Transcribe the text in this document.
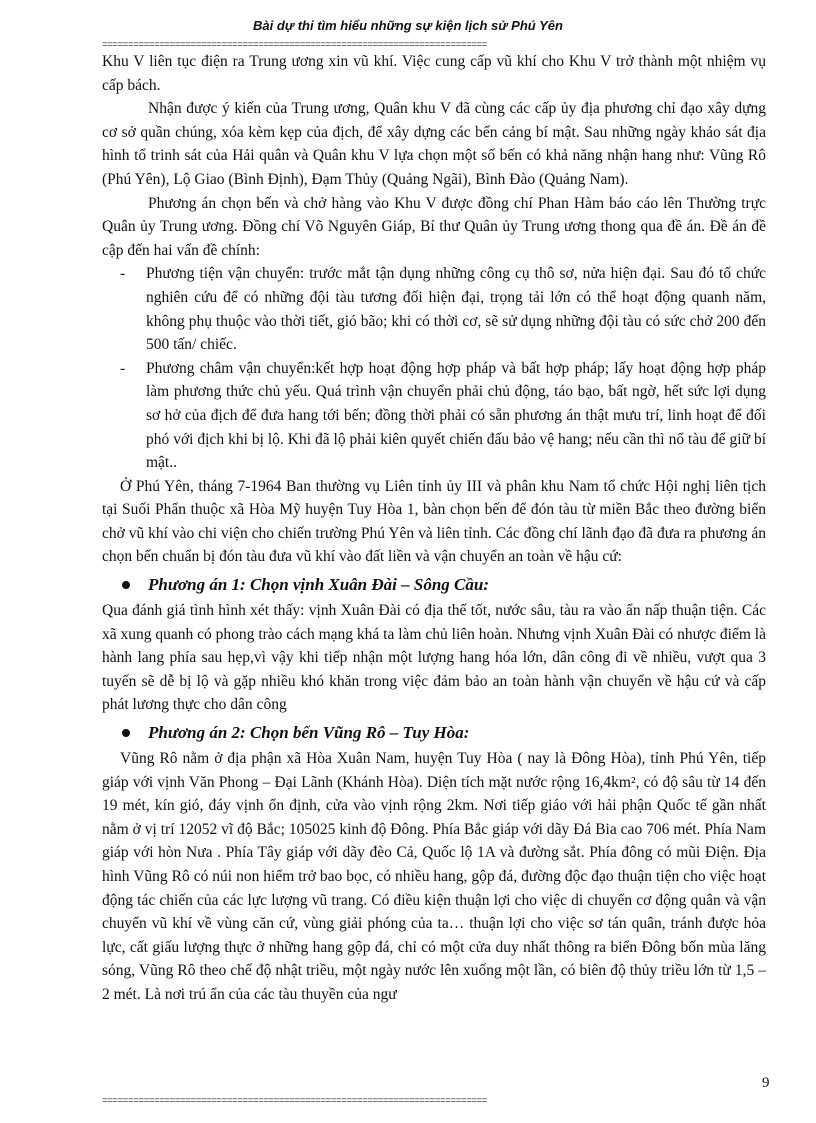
Bài dự thi tìm hiểu những sự kiện lịch sử Phú Yên
==========================================================================

Khu V liên tục điện ra Trung ương xin vũ khí. Việc cung cấp vũ khí cho Khu V trở thành một nhiệm vụ cấp bách.

Nhận được ý kiến của Trung ương, Quân khu V đã cùng các cấp ủy địa phương chỉ đạo xây dựng cơ sở quần chúng, xóa kèm kẹp của địch, để xây dựng các bến cảng bí mật. Sau những ngày khảo sát địa hình tổ trinh sát của Hải quân và Quân khu V lựa chọn một số bến có khả năng nhận hang như: Vũng Rô (Phú Yên), Lộ Giao (Bình Định), Đạm Thủy (Quảng Ngãi), Bình Đào (Quảng Nam).

Phương án chọn bến và chở hàng vào Khu V được đồng chí Phan Hàm báo cáo lên Thường trực Quân ủy Trung ương. Đồng chí Võ Nguyên Giáp, Bí thư Quân ủy Trung ương thong qua đề án. Đề án đề cập đến hai vấn đề chính:

-	Phương tiện vận chuyển: trước mắt tận dụng những công cụ thô sơ, nửa hiện đại. Sau đó tổ chức nghiên cứu để có những đội tàu tương đối hiện đại, trọng tải lớn có thể hoạt động quanh năm, không phụ thuộc vào thời tiết, gió bão; khi có thời cơ, sẽ sử dụng những đội tàu có sức chở 200 đến 500 tấn/ chiếc.
-	Phương châm vận chuyển:kết hợp hoạt động hợp pháp và bất hợp pháp; lấy hoạt động hợp pháp làm phương thức chủ yếu. Quá trình vận chuyển phải chủ động, táo bạo, bất ngờ, hết sức lợi dụng sơ hở của địch để đưa hang tới bến; đồng thời phải có sẵn phương án thật mưu trí, linh hoạt để đối phó với địch khi bị lộ. Khi đã lộ phải kiên quyết chiến đấu bảo vệ hang; nếu cần thì nổ tàu để giữ bí mật..

Ở Phú Yên, tháng 7-1964 Ban thường vụ Liên tỉnh ủy III và phân khu Nam tổ chức Hội nghị liên tịch tại Suối Phẩn thuộc xã Hòa Mỹ huyện Tuy Hòa 1, bàn chọn bến để đón tàu từ miền Bắc theo đường biển chở vũ khí vào chi viện cho chiến trường Phú Yên và liên tỉnh. Các đồng chí lãnh đạo đã đưa ra phương án chọn bến chuẩn bị đón tàu đưa vũ khí vào đất liền và vận chuyển an toàn về hậu cứ:

Phương án 1: Chọn vịnh Xuân Đài – Sông Cầu:

Qua đánh giá tình hình xét thấy: vịnh Xuân Đài có địa thế tốt, nước sâu, tàu ra vào ẩn nấp thuận tiện. Các xã xung quanh có phong trào cách mạng khá ta làm chủ liên hoàn. Nhưng vịnh Xuân Đài có nhược điểm là hành lang phía sau hẹp,vì vậy khi tiếp nhận một lượng hang hóa lớn, dân công đi về nhiều, vượt qua 3 tuyến sẽ dễ bị lộ và gặp nhiều khó khăn trong việc đảm bảo an toàn hành vận chuyển về hậu cứ và cấp phát lương thực cho dân công

Phương án 2: Chọn bến Vũng Rô – Tuy Hòa:

Vũng Rô nằm ở địa phận xã Hòa Xuân Nam, huyện Tuy Hòa ( nay là Đông Hòa), tỉnh Phú Yên, tiếp giáp với vịnh Văn Phong – Đại Lãnh (Khánh Hòa). Diện tích mặt nước rộng 16,4km², có độ sâu từ 14 đến 19 mét, kín gió, đáy vịnh ổn định, cửa vào vịnh rộng 2km. Nơi tiếp giáo với hải phận Quốc tế gần nhất nằm ở vị trí 12052 vĩ độ Bắc; 105025 kinh độ Đông. Phía Bắc giáp với dãy Đá Bia cao 706 mét. Phía Nam giáp với hòn Nưa . Phía Tây giáp với dãy đèo Cả, Quốc lộ 1A và đường sắt. Phía đông có mũi Điện. Địa hình Vũng Rô có núi non hiểm trở bao bọc, có nhiều hang, gộp đá, đường độc đạo thuận tiện cho việc hoạt động tác chiến của các lực lượng vũ trang. Có điều kiện thuận lợi cho việc di chuyển cơ động quân và vận chuyển vũ khí về vùng căn cứ, vùng giải phóng của ta… thuận lợi cho việc sơ tán quân, tránh được hỏa lực, cất giấu lượng thực ở những hang gộp đá, chỉ có một cửa duy nhất thông ra biển Đông bốn mùa lăng sóng, Vũng Rô theo chế độ nhật triều, một ngày nước lên xuống một lần, có biên độ thủy triều lớn từ 1,5 – 2 mét. Là nơi trú ẩn của các tàu thuyền của ngư

9
==========================================================================
